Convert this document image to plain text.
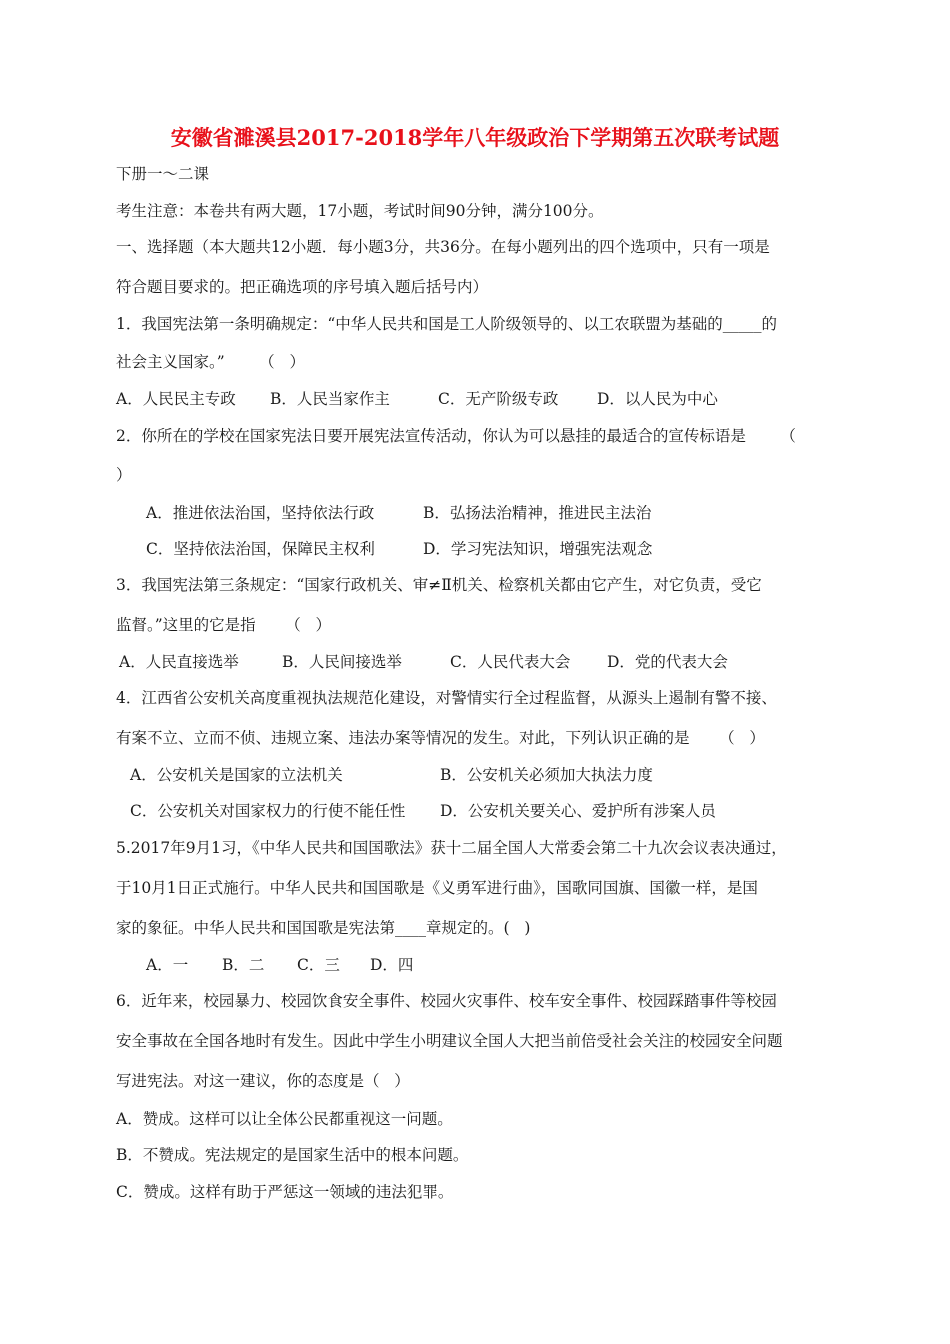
安徽省濉溪县2017-2018学年八年级政治下学期第五次联考试题
下册一～二课
考生注意：本卷共有两大题，17小题，考试时间90分钟，满分100分。
一、选择题（本大题共12小题．每小题3分，共36分。在每小题列出的四个选项中，只有一项是
符合题目要求的。把正确选项的序号填入题后括号内）
1．我国宪法第一条明确规定：“中华人民共和国是工人阶级领导的、以工农联盟为基础的_____的
社会主义国家。”       （   ）
A．人民民主专政 B．人民当家作主	C．无产阶级专政 D．以人民为中心
2．你所在的学校在国家宪法日要开展宪法宣传活动，你认为可以悬挂的最适合的宣传标语是       （
）
A．推进依法治国，坚持依法行政	B．弘扬法治精神，推进民主法治
C．坚持依法治国，保障民主权利	D．学习宪法知识，增强宪法观念
3．我国宪法第三条规定：“国家行政机关、审≠Ⅱ机关、检察机关都由它产生，对它负责，受它
监督。”这里的它是指      （   ）
A．人民直接选举	B．人民间接选举	C．人民代表大会 D．党的代表大会
4．江西省公安机关高度重视执法规范化建设，对警情实行全过程监督，从源头上遏制有警不接、
有案不立、立而不侦、违规立案、违法办案等情况的发生。对此，下列认识正确的是      （   ）
A．公安机关是国家的立法机关	B．公安机关必须加大执法力度
C．公安机关对国家权力的行使不能任性 D．公安机关要关心、爱护所有涉案人员
5.2017年9月1习，《中华人民共和国国歌法》获十二届全国人大常委会第二十九次会议表决通过，
于10月1日正式施行。中华人民共和国国歌是《义勇军进行曲》，国歌同国旗、国徽一样，是国
家的象征。中华人民共和国国歌是宪法第____章规定的。(   )
A．一 B．二 C．三 D．四
6．近年来，校园暴力、校园饮食安全事件、校园火灾事件、校车安全事件、校园踩踏事件等校园
安全事故在全国各地时有发生。因此中学生小明建议全国人大把当前倍受社会关注的校园安全问题
写进宪法。对这一建议，你的态度是（   ）
A．赞成。这样可以让全体公民都重视这一问题。
B．不赞成。宪法规定的是国家生活中的根本问题。
C．赞成。这样有助于严惩这一领域的违法犯罪。
